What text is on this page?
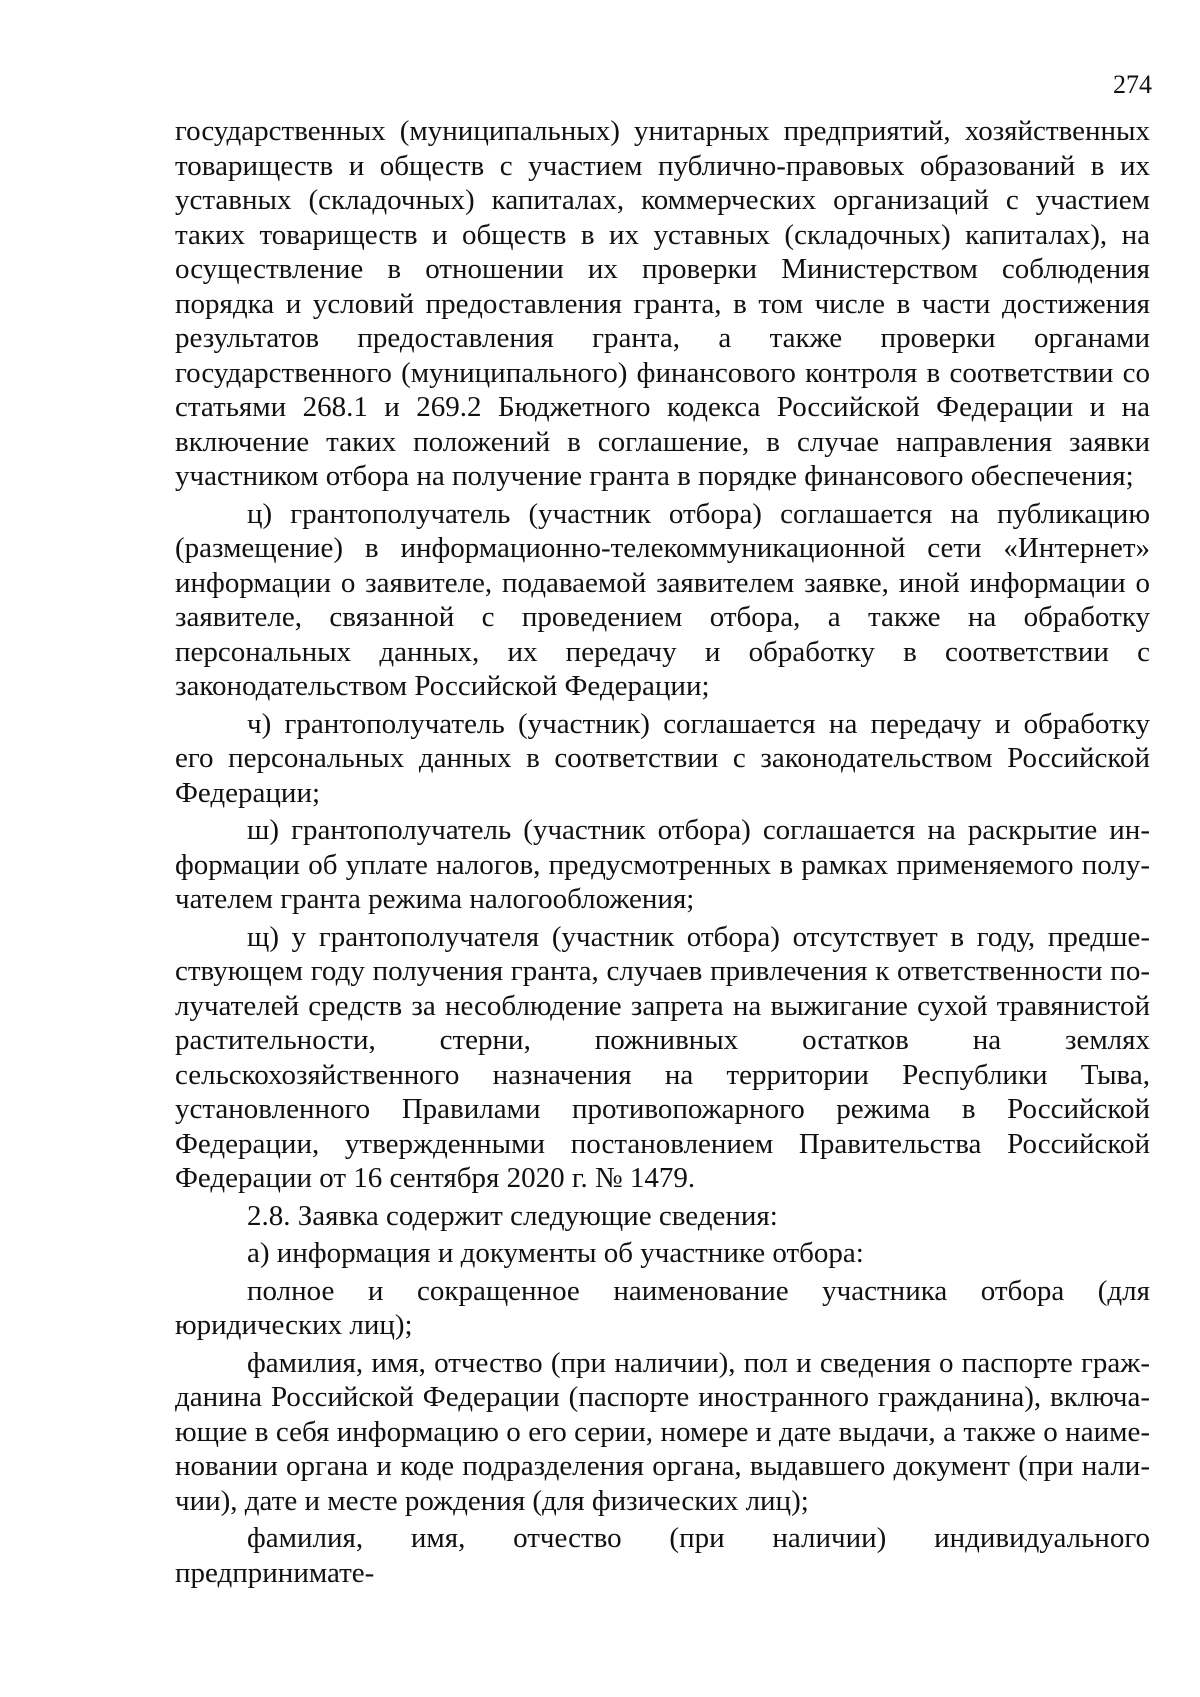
274

государственных (муниципальных) унитарных предприятий, хозяйственных товариществ и обществ с участием публично-правовых образований в их уставных (складочных) капиталах, коммерческих организаций с участием таких товариществ и обществ в их уставных (складочных) капиталах), на осуществление в отношении их проверки Министерством соблюдения порядка и условий предоставления гранта, в том числе в части достижения результатов предоставления гранта, а также проверки органами государственного (муниципального) финансового контроля в соответствии со статьями 268.1 и 269.2 Бюджетного кодекса Российской Федерации и на включение таких положений в соглашение, в случае направления заявки участником отбора на получение гранта в порядке финансового обеспечения;

ц) грантополучатель (участник отбора) соглашается на публикацию (размещение) в информационно-телекоммуникационной сети «Интернет» информации о заявителе, подаваемой заявителем заявке, иной информации о заявителе, связанной с проведением отбора, а также на обработку персональных данных, их передачу и обработку в соответствии с законодательством Российской Федерации;

ч) грантополучатель (участник) соглашается на передачу и обработку его персональных данных в соответствии с законодательством Российской Федерации;

ш) грантополучатель (участник отбора) соглашается на раскрытие информации об уплате налогов, предусмотренных в рамках применяемого получателем гранта режима налогообложения;

щ) у грантополучателя (участник отбора) отсутствует в году, предшествующем году получения гранта, случаев привлечения к ответственности получателей средств за несоблюдение запрета на выжигание сухой травянистой растительности, стерни, пожнивных остатков на землях сельскохозяйственного назначения на территории Республики Тыва, установленного Правилами противопожарного режима в Российской Федерации, утвержденными постановлением Правительства Российской Федерации от 16 сентября 2020 г. № 1479.

2.8. Заявка содержит следующие сведения:

а) информация и документы об участнике отбора:

полное и сокращенное наименование участника отбора (для юридических лиц);

фамилия, имя, отчество (при наличии), пол и сведения о паспорте гражданина Российской Федерации (паспорте иностранного гражданина), включающие в себя информацию о его серии, номере и дате выдачи, а также о наименовании органа и коде подразделения органа, выдавшего документ (при наличии), дате и месте рождения (для физических лиц);

фамилия, имя, отчество (при наличии) индивидуального предпринимате-
